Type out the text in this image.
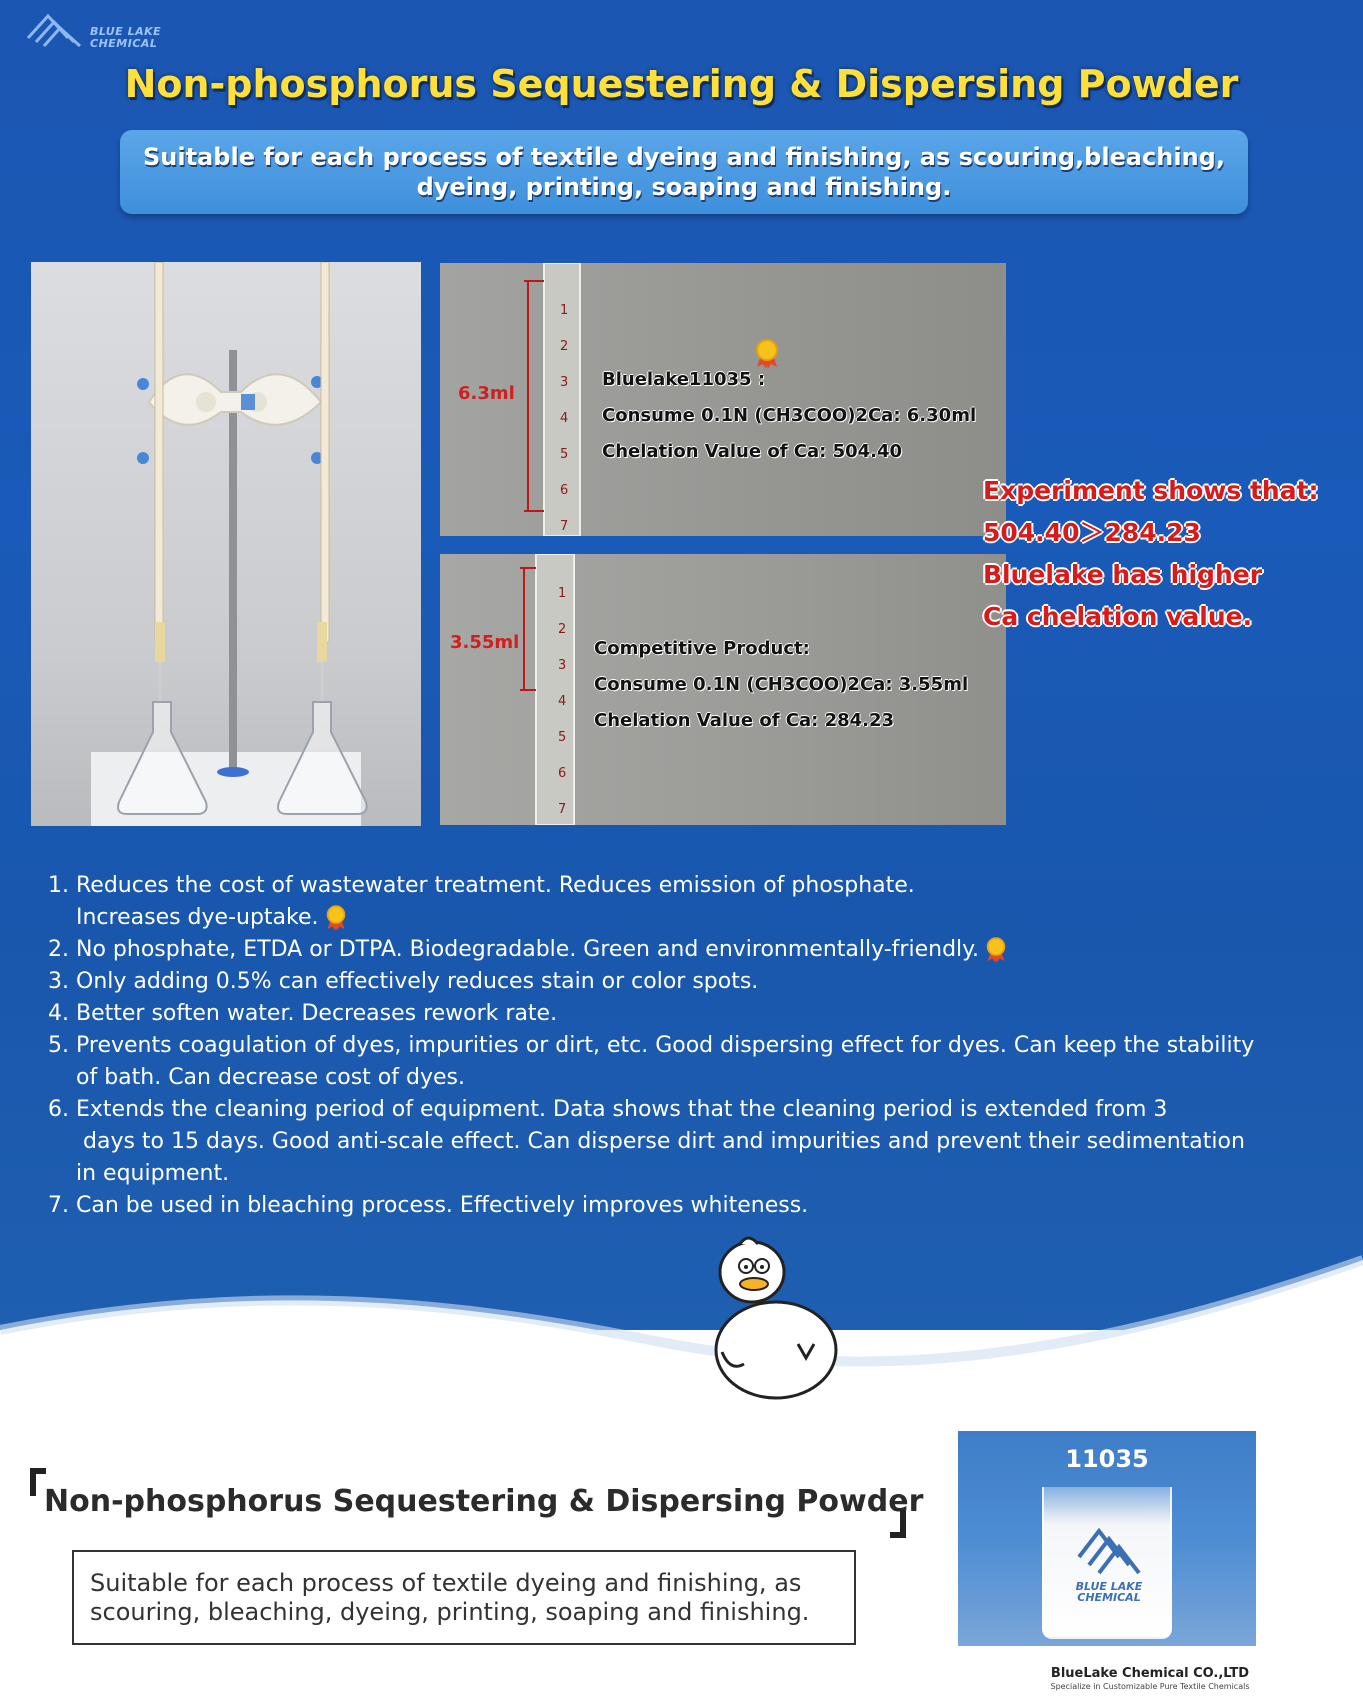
BLUE LAKE
CHEMICAL
Non-phosphorus Sequestering & Dispersing Powder
Suitable for each process of textile dyeing and finishing, as scouring,bleaching, dyeing, printing, soaping and finishing.
6.3ml
1
2
3
4
5
6
7
Bluelake11035 :
Consume 0.1N (CH3COO)2Ca: 6.30ml
Chelation Value of Ca: 504.40
3.55ml
1
2
3
4
5
6
7
Competitive Product:
Consume 0.1N (CH3COO)2Ca: 3.55ml
Chelation Value of Ca: 284.23
Experiment shows that:
504.40＞284.23
Bluelake has higher
Ca chelation value.
1. Reduces the cost of wastewater treatment. Reduces emission of phosphate.
Increases dye-uptake.
2. No phosphate, ETDA or DTPA. Biodegradable. Green and environmentally-friendly.
3. Only adding 0.5% can effectively reduces stain or color spots.
4. Better soften water. Decreases rework rate.
5. Prevents coagulation of dyes, impurities or dirt, etc. Good dispersing effect for dyes. Can keep the stability
of bath. Can decrease cost of dyes.
6. Extends the cleaning period of equipment. Data shows that the cleaning period is extended from 3
days to 15 days. Good anti-scale effect. Can disperse dirt and impurities and prevent their sedimentation
in equipment.
7. Can be used in bleaching process. Effectively improves whiteness.
Non-phosphorus Sequestering & Dispersing Powder
Suitable for each process of textile dyeing and finishing, as scouring, bleaching, dyeing, printing, soaping and finishing.
11035
BLUE LAKE
CHEMICAL
BlueLake Chemical CO.,LTD
Specialize in Customizable Pure Textile Chemicals
